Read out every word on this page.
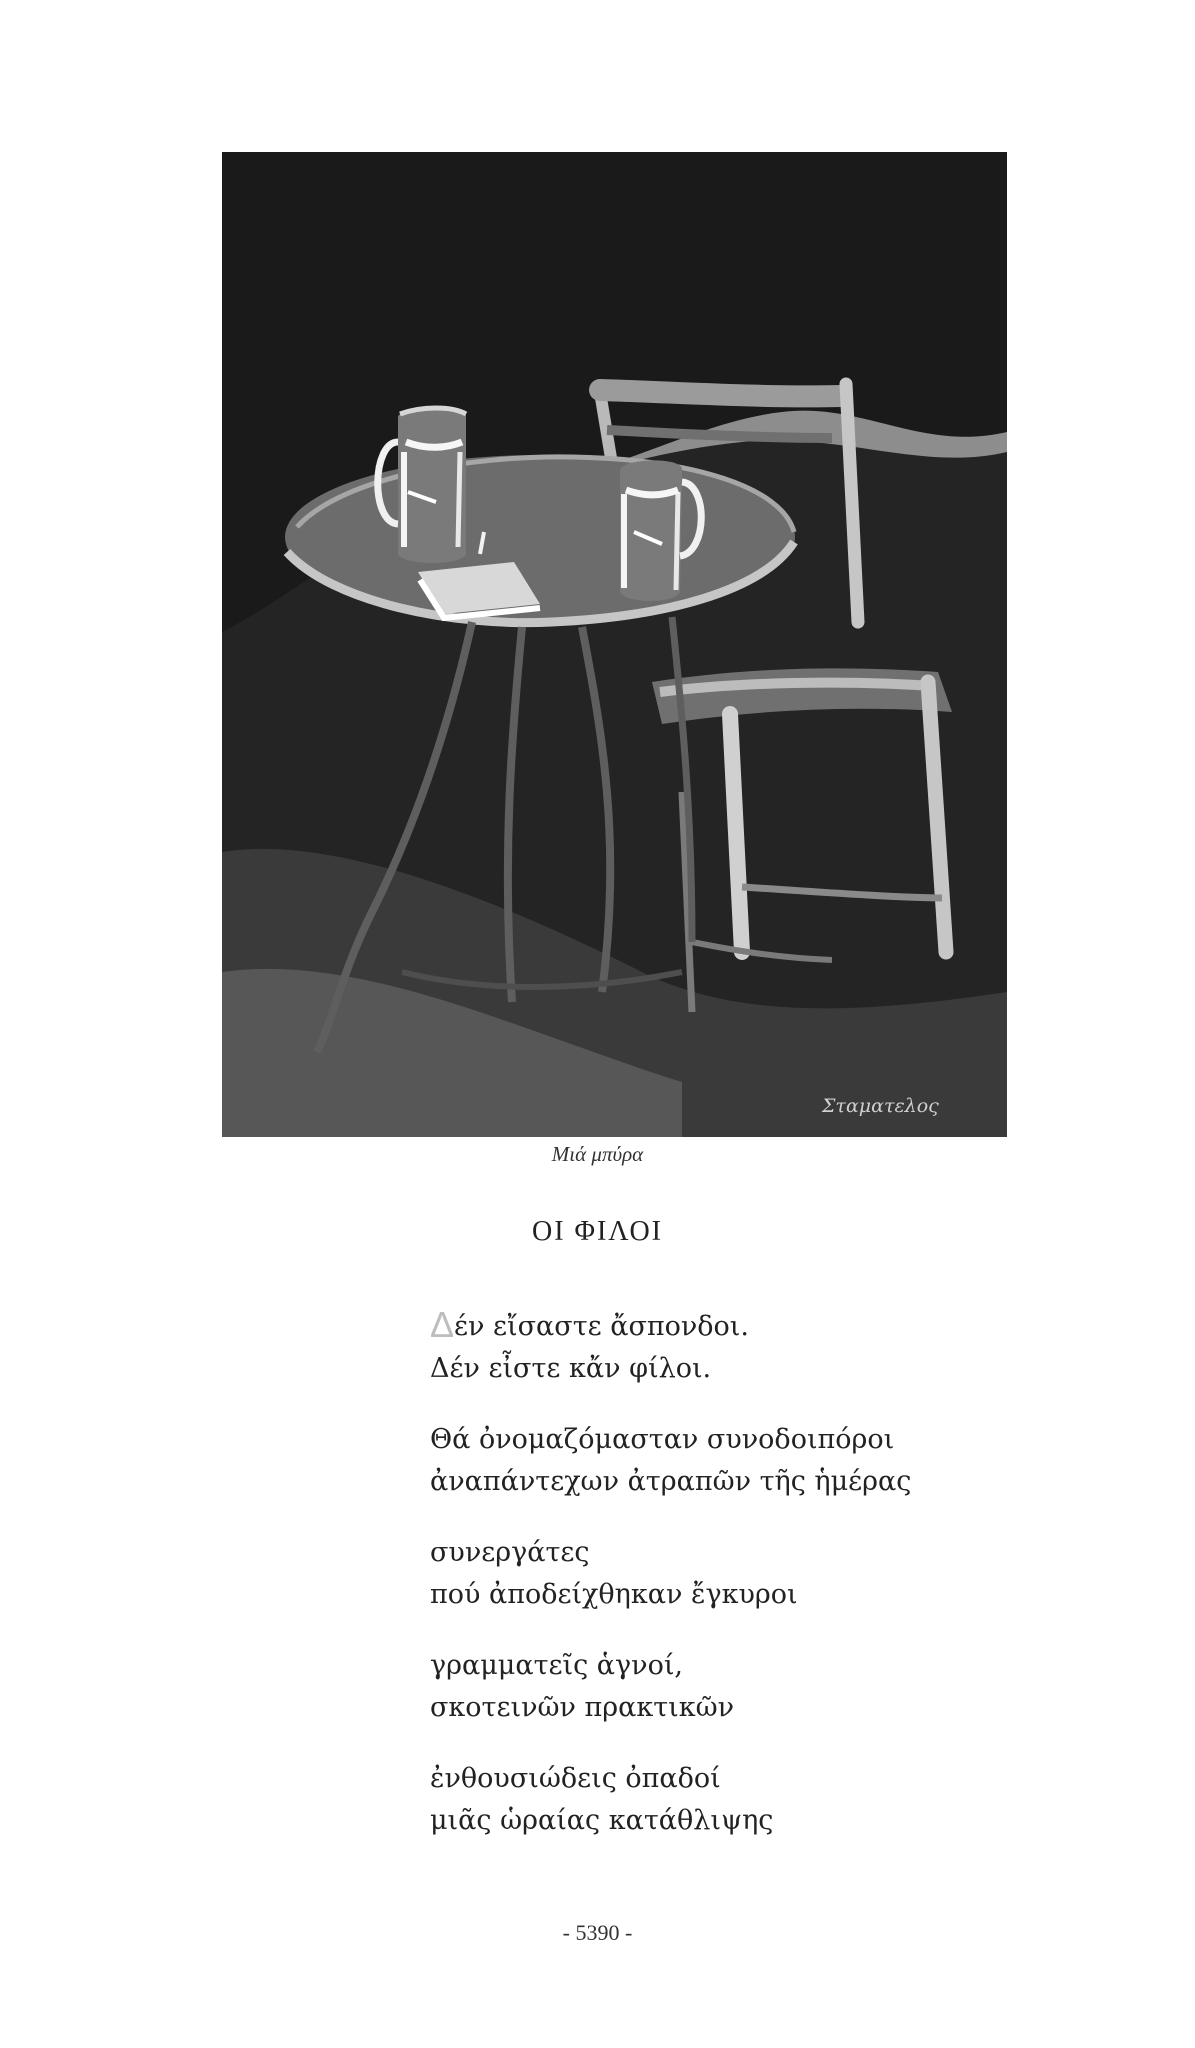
Σταματελος
Μιά μπύρα
ΟΙ ΦΙΛΟΙ
Δέν εἴσαστε ἄσπονδοι.
Δέν εἶστε κἄν φίλοι.
Θά ὀνομαζόμασταν συνοδοιπόροι
ἀναπάντεχων ἀτραπῶν τῆς ἡμέρας
συνεργάτες
πού ἀποδείχθηκαν ἔγκυροι
γραμματεῖς ἁγνοί,
σκοτεινῶν πρακτικῶν
ἐνθουσιώδεις ὀπαδοί
μιᾶς ὡραίας κατάθλιψης
- 5390 -
